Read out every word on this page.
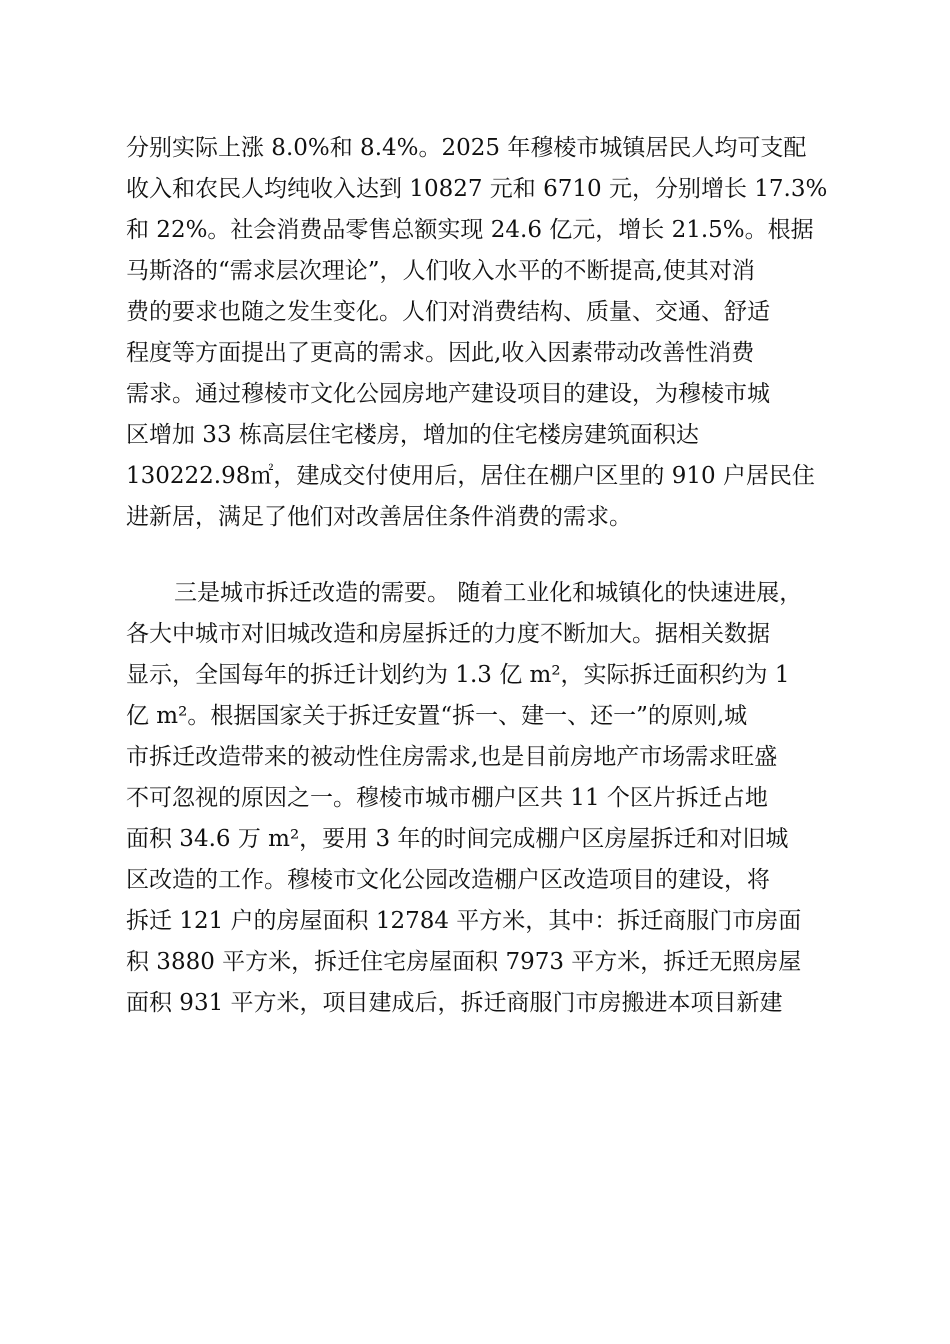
分别实际上涨 8.0%和 8.4%。2025 年穆棱市城镇居民人均可支配
收入和农民人均纯收入达到 10827 元和 6710 元，分别增长 17.3%
和 22%。社会消费品零售总额实现 24.6 亿元，增长 21.5%。根据
马斯洛的“需求层次理论”，人们收入水平的不断提高,使其对消
费的要求也随之发生变化。人们对消费结构、质量、交通、舒适
程度等方面提出了更高的需求。因此,收入因素带动改善性消费
需求。通过穆棱市文化公园房地产建设项目的建设，为穆棱市城
区增加 33 栋高层住宅楼房，增加的住宅楼房建筑面积达
130222.98㎡，建成交付使用后，居住在棚户区里的 910 户居民住
进新居，满足了他们对改善居住条件消费的需求。
三是城市拆迁改造的需要。 随着工业化和城镇化的快速进展，
各大中城市对旧城改造和房屋拆迁的力度不断加大。据相关数据
显示，全国每年的拆迁计划约为 1.3 亿 m²，实际拆迁面积约为 1
亿 m²。根据国家关于拆迁安置“拆一、建一、还一”的原则,城
市拆迁改造带来的被动性住房需求,也是目前房地产市场需求旺盛
不可忽视的原因之一。穆棱市城市棚户区共 11 个区片拆迁占地
面积 34.6 万 m²，要用 3 年的时间完成棚户区房屋拆迁和对旧城
区改造的工作。穆棱市文化公园改造棚户区改造项目的建设，将
拆迁 121 户的房屋面积 12784 平方米，其中：拆迁商服门市房面
积 3880 平方米，拆迁住宅房屋面积 7973 平方米，拆迁无照房屋
面积 931 平方米，项目建成后，拆迁商服门市房搬进本项目新建
